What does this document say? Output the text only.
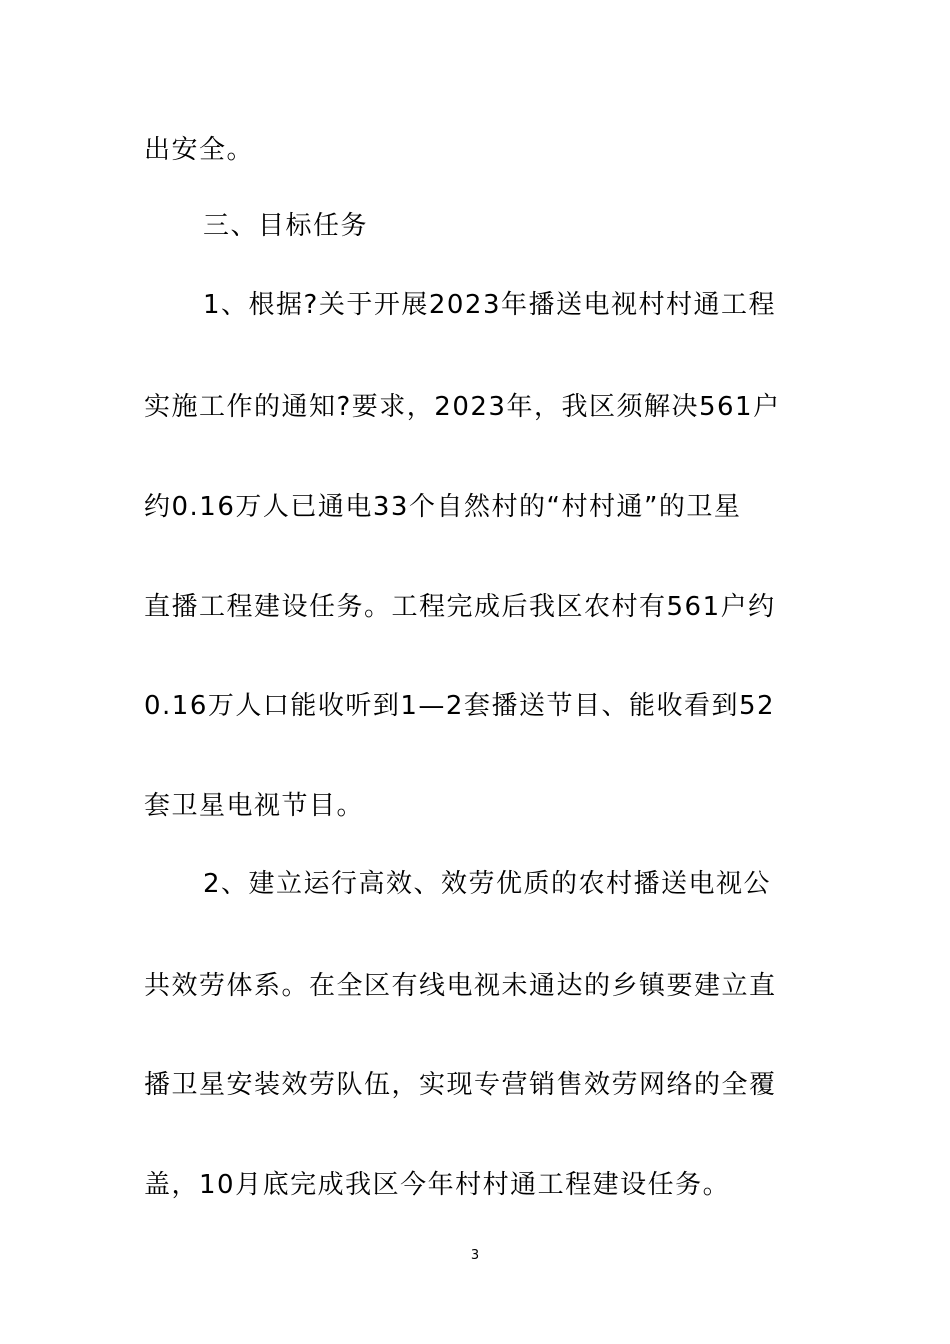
出安全。
三、目标任务
1、根据?关于开展2023年播送电视村村通工程
实施工作的通知?要求，2023年，我区须解决561户
约0.16万人已通电33个自然村的“村村通”的卫星
直播工程建设任务。工程完成后我区农村有561户约
0.16万人口能收听到1—2套播送节目、能收看到52
套卫星电视节目。
2、建立运行高效、效劳优质的农村播送电视公
共效劳体系。在全区有线电视未通达的乡镇要建立直
播卫星安装效劳队伍，实现专营销售效劳网络的全覆
盖，10月底完成我区今年村村通工程建设任务。
3
